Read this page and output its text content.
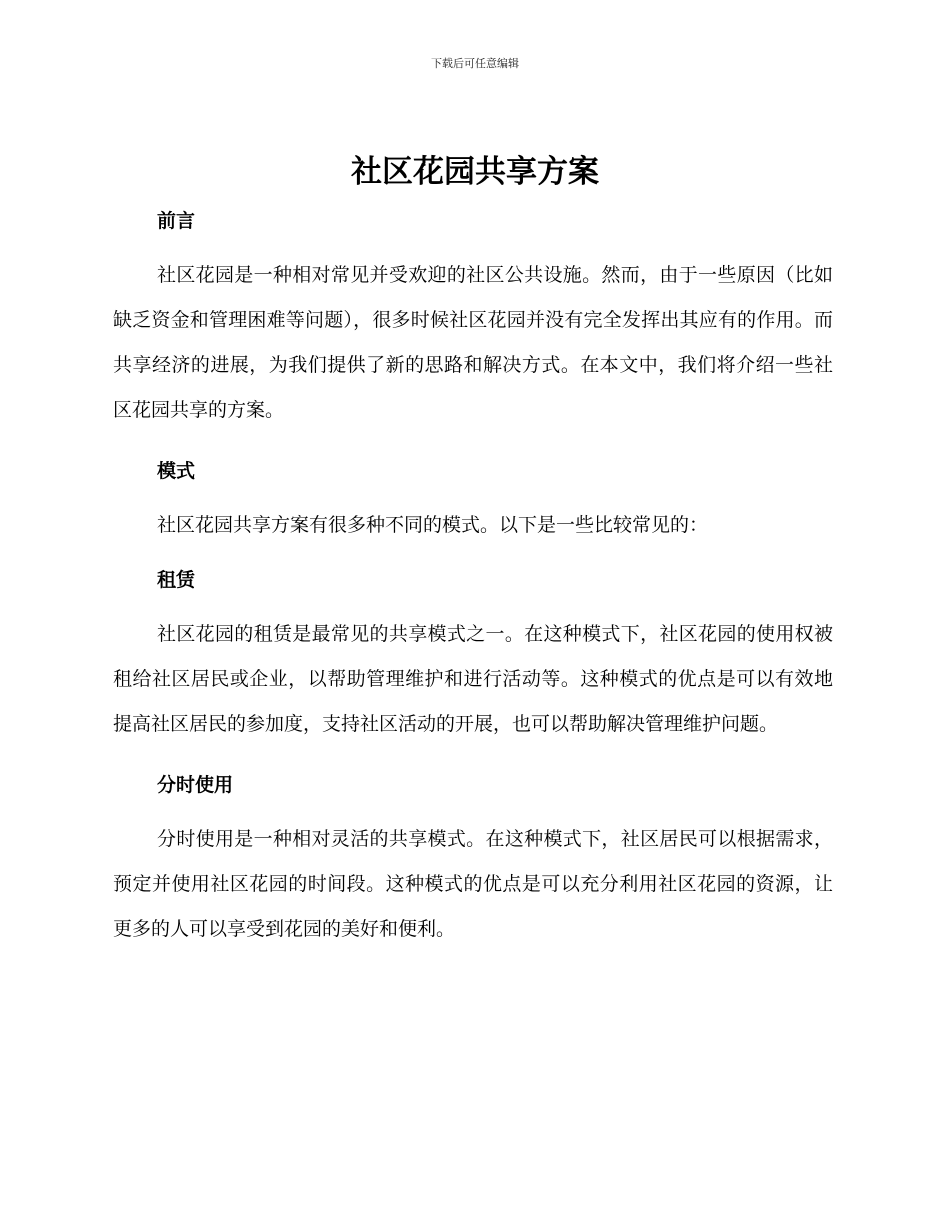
下载后可任意编辑
社区花园共享方案
前言

社区花园是一种相对常见并受欢迎的社区公共设施。然而，由于一些原因（比如缺乏资金和管理困难等问题），很多时候社区花园并没有完全发挥出其应有的作用。而共享经济的进展，为我们提供了新的思路和解决方式。在本文中，我们将介绍一些社区花园共享的方案。

模式

社区花园共享方案有很多种不同的模式。以下是一些比较常见的：

租赁

社区花园的租赁是最常见的共享模式之一。在这种模式下，社区花园的使用权被租给社区居民或企业，以帮助管理维护和进行活动等。这种模式的优点是可以有效地提高社区居民的参加度，支持社区活动的开展，也可以帮助解决管理维护问题。

分时使用

分时使用是一种相对灵活的共享模式。在这种模式下，社区居民可以根据需求，预定并使用社区花园的时间段。这种模式的优点是可以充分利用社区花园的资源，让更多的人可以享受到花园的美好和便利。
